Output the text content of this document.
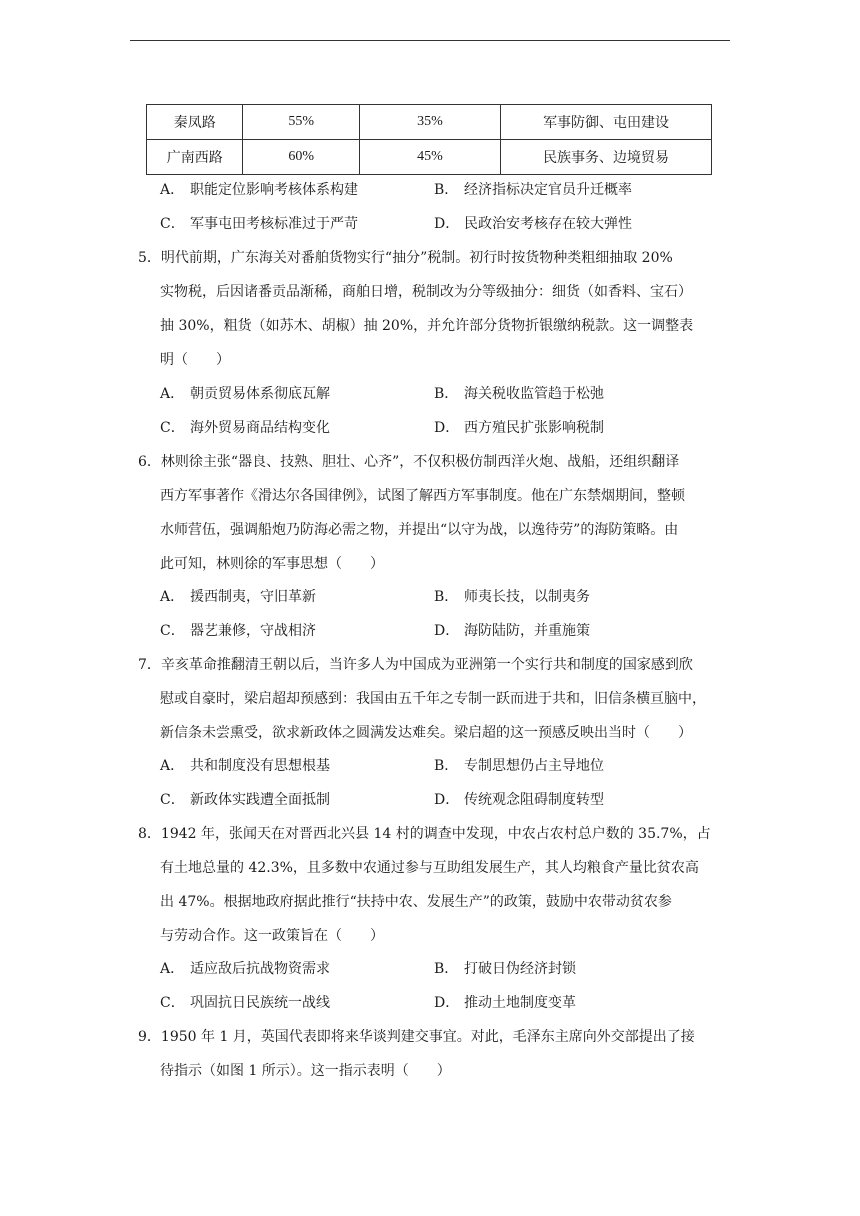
秦凤路	55%	35%	军事防御、屯田建设
广南西路	60%	45%	民族事务、边境贸易
A． 职能定位影响考核体系构建	B． 经济指标决定官员升迁概率
C． 军事屯田考核标准过于严苛	D． 民政治安考核存在较大弹性
5．明代前期，广东海关对番舶货物实行“抽分”税制。初行时按货物种类粗细抽取 20%
实物税，后因诸番贡品渐稀，商舶日增，税制改为分等级抽分：细货（如香料、宝石）
抽 30%，粗货（如苏木、胡椒）抽 20%，并允许部分货物折银缴纳税款。这一调整表
明（　　）
A． 朝贡贸易体系彻底瓦解	B． 海关税收监管趋于松弛
C． 海外贸易商品结构变化	D． 西方殖民扩张影响税制
6．林则徐主张“器良、技熟、胆壮、心齐”，不仅积极仿制西洋火炮、战船，还组织翻译
西方军事著作《滑达尔各国律例》，试图了解西方军事制度。他在广东禁烟期间，整顿
水师营伍，强调船炮乃防海必需之物，并提出“以守为战，以逸待劳”的海防策略。由
此可知，林则徐的军事思想（　　）
A． 援西制夷，守旧革新	B． 师夷长技，以制夷务
C． 器艺兼修，守战相济	D． 海防陆防，并重施策
7．辛亥革命推翻清王朝以后，当许多人为中国成为亚洲第一个实行共和制度的国家感到欣
慰或自豪时，梁启超却预感到：我国由五千年之专制一跃而进于共和，旧信条横亘脑中，
新信条未尝熏受，欲求新政体之圆满发达难矣。梁启超的这一预感反映出当时（　　）
A． 共和制度没有思想根基	B． 专制思想仍占主导地位
C． 新政体实践遭全面抵制	D． 传统观念阻碍制度转型
8．1942 年，张闻天在对晋西北兴县 14 村的调查中发现，中农占农村总户数的 35.7%，占
有土地总量的 42.3%，且多数中农通过参与互助组发展生产，其人均粮食产量比贫农高
出 47%。根据地政府据此推行“扶持中农、发展生产”的政策，鼓励中农带动贫农参
与劳动合作。这一政策旨在（　　）
A． 适应敌后抗战物资需求	B． 打破日伪经济封锁
C． 巩固抗日民族统一战线	D． 推动土地制度变革
9．1950 年 1 月，英国代表即将来华谈判建交事宜。对此，毛泽东主席向外交部提出了接
待指示（如图 1 所示）。这一指示表明（　　）
